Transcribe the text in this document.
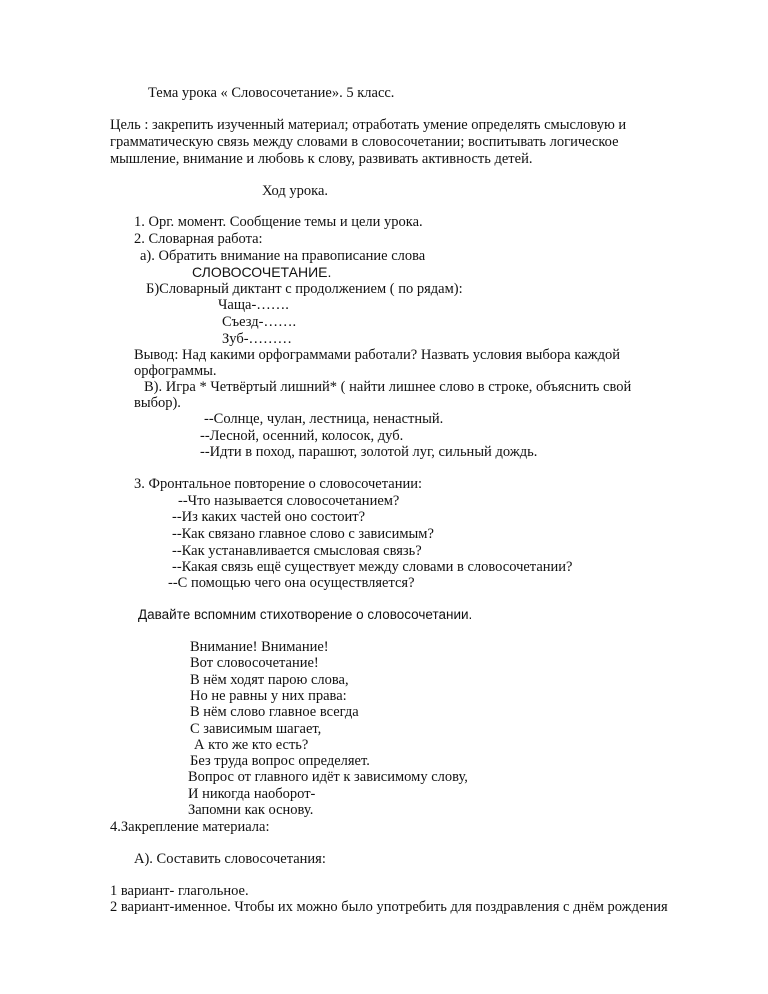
Тема урока « Словосочетание». 5 класс.
Цель : закрепить изученный материал; отработать умение определять смысловую и
грамматическую связь между словами в словосочетании; воспитывать логическое
мышление, внимание и любовь к слову, развивать активность детей.
Ход урока.
1. Орг. момент. Сообщение темы и цели урока.
2. Словарная работа:
а). Обратить внимание на правописание слова
СЛОВОСОЧЕТАНИЕ.
Б)Словарный диктант с продолжением ( по рядам):
Чаща-…….
Съезд-…….
Зуб-………
Вывод: Над какими орфограммами работали? Назвать условия выбора каждой
орфограммы.
В). Игра * Четвёртый лишний* ( найти лишнее слово в строке, объяснить свой
выбор).
--Солнце, чулан, лестница, ненастный.
--Лесной, осенний, колосок, дуб.
--Идти в поход, парашют, золотой луг, сильный дождь.
3. Фронтальное повторение о словосочетании:
--Что называется словосочетанием?
--Из каких частей оно состоит?
--Как связано главное слово с зависимым?
--Как устанавливается смысловая связь?
--Какая связь ещё существует между словами в словосочетании?
--С помощью чего она осуществляется?
Давайте вспомним стихотворение о словосочетании.
Внимание! Внимание!
Вот словосочетание!
В нём ходят парою слова,
Но не равны у них права:
В нём слово главное всегда
С зависимым шагает,
А кто же кто есть?
Без труда вопрос определяет.
Вопрос от главного идёт к зависимому слову,
И никогда наоборот-
Запомни как основу.
4.Закрепление материала:
А). Составить словосочетания:
1 вариант- глагольное.
2 вариант-именное. Чтобы их можно было употребить для поздравления с днём рождения
